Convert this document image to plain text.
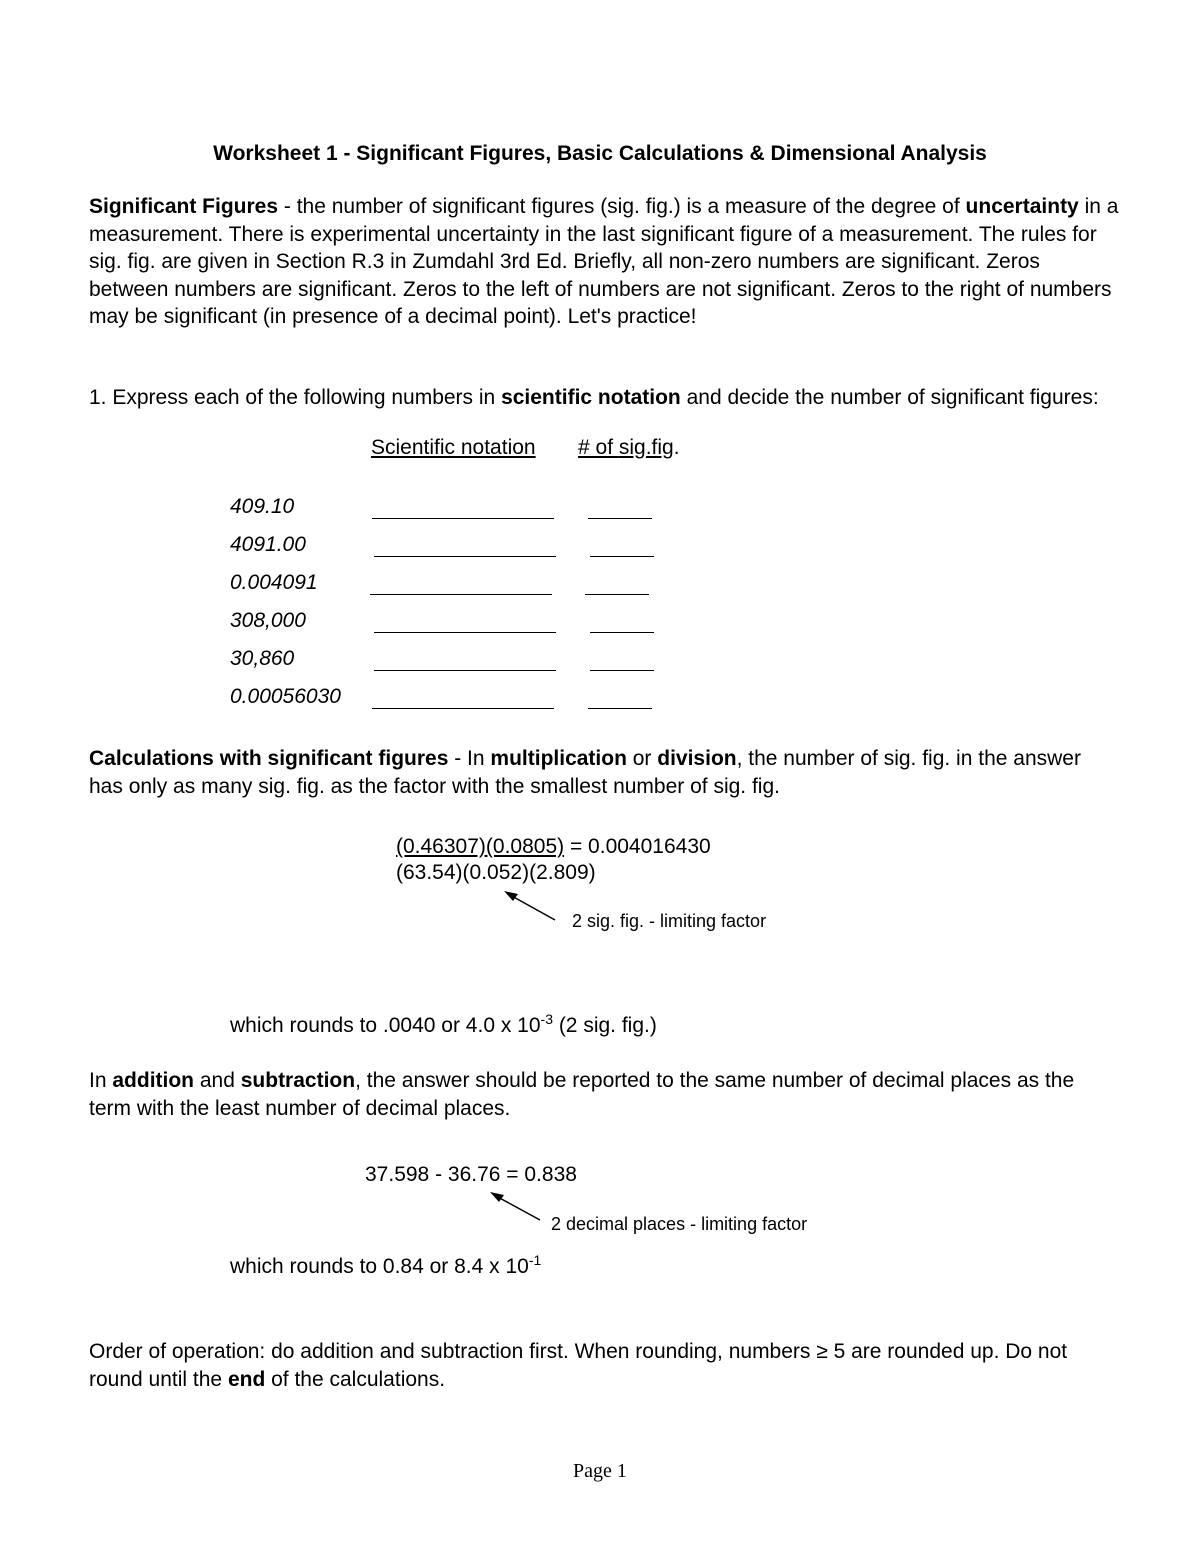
Worksheet 1 - Significant Figures, Basic Calculations & Dimensional Analysis
Significant Figures - the number of significant figures (sig. fig.) is a measure of the degree of uncertainty in a measurement. There is experimental uncertainty in the last significant figure of a measurement. The rules for sig. fig. are given in Section R.3 in Zumdahl 3rd Ed. Briefly, all non-zero numbers are significant. Zeros between numbers are significant. Zeros to the left of numbers are not significant. Zeros to the right of numbers may be significant (in presence of a decimal point). Let's practice!
1. Express each of the following numbers in scientific notation and decide the number of significant figures:
Scientific notation # of sig.fig.
409.10
4091.00
0.004091
308,000
30,860
0.00056030
Calculations with significant figures - In multiplication or division, the number of sig. fig. in the answer has only as many sig. fig. as the factor with the smallest number of sig. fig.
(0.46307)(0.0805) = 0.004016430
(63.54)(0.052)(2.809)
2 sig. fig. - limiting factor
which rounds to .0040 or 4.0 x $10^{-3}$ (2 sig. fig.)
In addition and subtraction, the answer should be reported to the same number of decimal places as the term with the least number of decimal places.
37.598 - 36.76 = 0.838
2 decimal places - limiting factor
which rounds to 0.84 or 8.4 x $10^{-1}$
Order of operation: do addition and subtraction first. When rounding, numbers ≥ 5 are rounded up. Do not round until the end of the calculations.
Page 1
